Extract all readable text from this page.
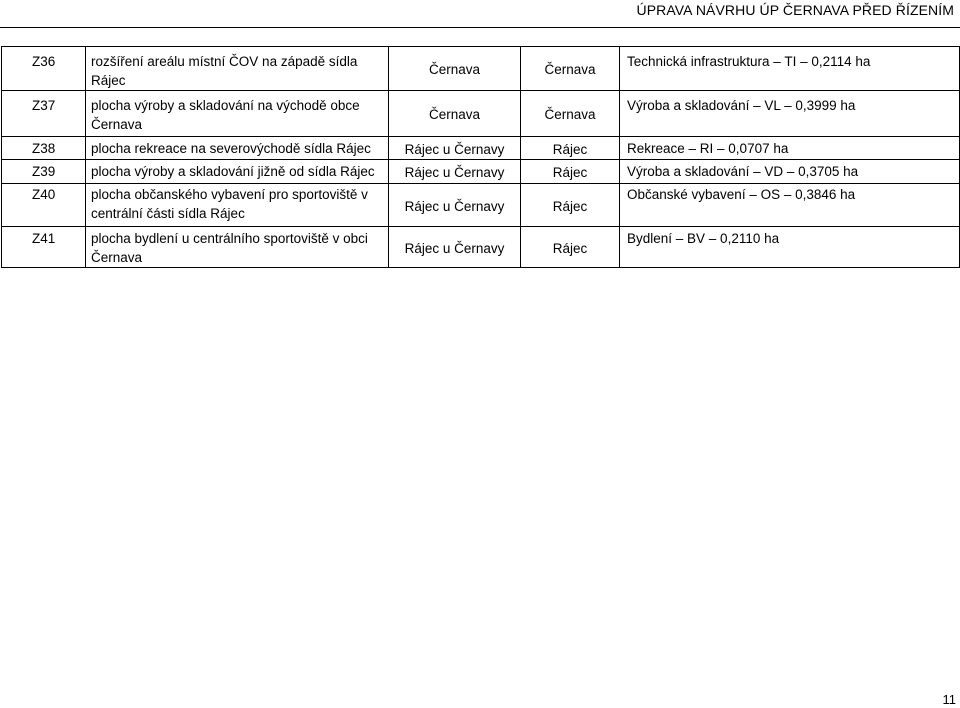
ÚPRAVA NÁVRHU ÚP ČERNAVA PŘED ŘÍZENÍM
Z36	rozšíření areálu místní ČOV na západě sídla Rájec	Černava	Černava	Technická infrastruktura – TI – 0,2114 ha
Z37	plocha výroby a skladování na východě obce Černava	Černava	Černava	Výroba a skladování – VL – 0,3999 ha
Z38	plocha rekreace na severovýchodě sídla Rájec	Rájec u Černavy	Rájec	Rekreace – RI – 0,0707 ha
Z39	plocha výroby a skladování jižně od sídla Rájec	Rájec u Černavy	Rájec	Výroba a skladování – VD – 0,3705 ha
Z40	plocha občanského vybavení pro sportoviště v centrální části sídla Rájec	Rájec u Černavy	Rájec	Občanské vybavení – OS – 0,3846 ha
Z41	plocha bydlení u centrálního sportoviště v obci Černava	Rájec u Černavy	Rájec	Bydlení – BV – 0,2110 ha
11
